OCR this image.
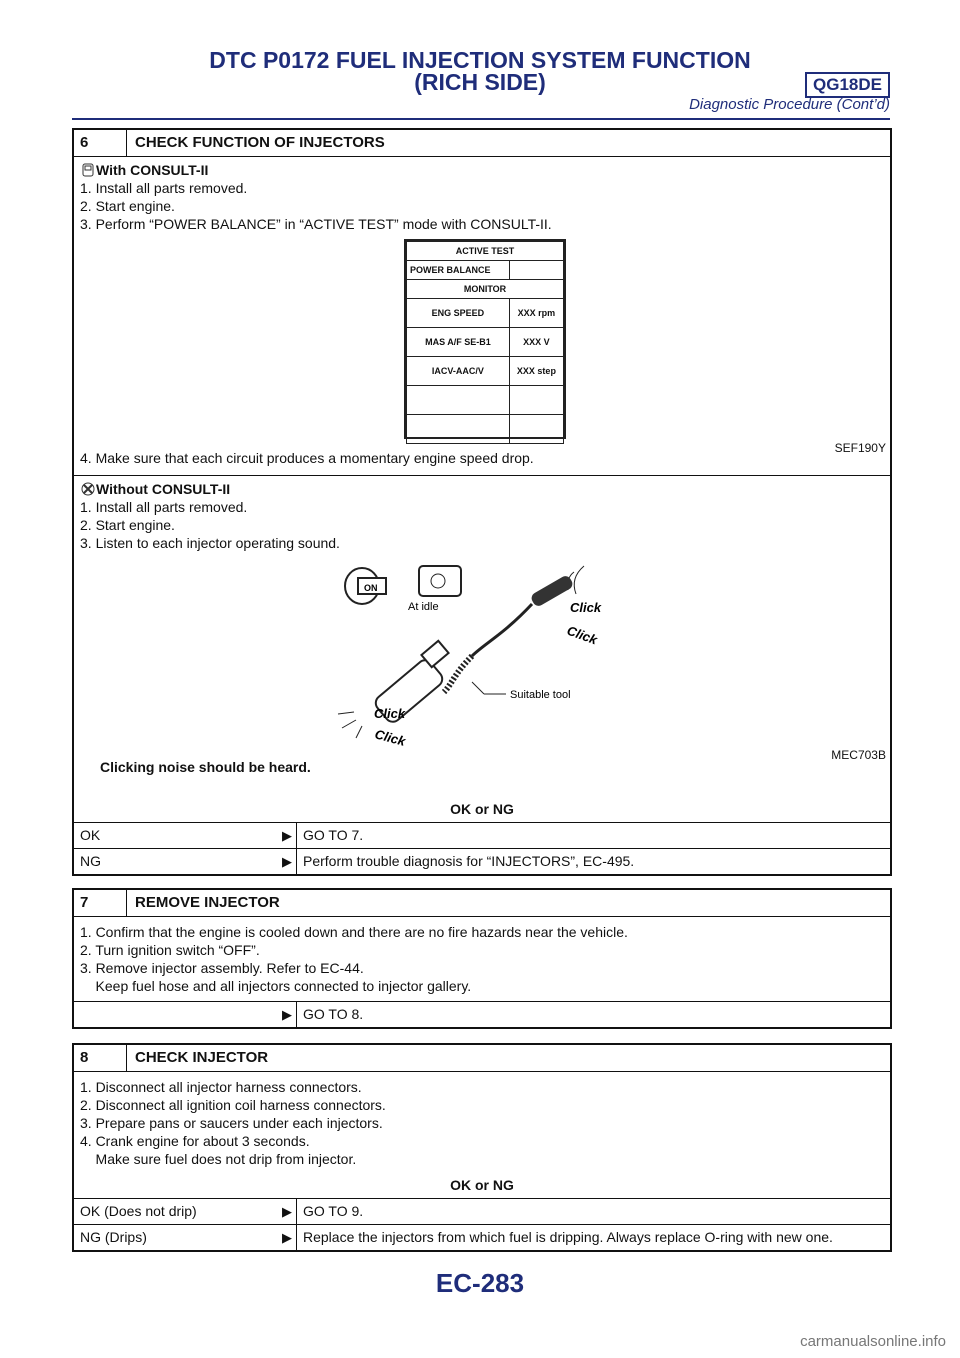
DTC P0172 FUEL INJECTION SYSTEM FUNCTION
(RICH SIDE)	QG18DE
Diagnostic Procedure (Cont’d)
6	CHECK FUNCTION OF INJECTORS
With CONSULT-II
1. Install all parts removed.
2. Start engine.
3. Perform “POWER BALANCE” in “ACTIVE TEST” mode with CONSULT-II.
ACTIVE TEST	
POWER BALANCE	
MONITOR	
ENG SPEED	XXX rpm
MAS A/F SE-B1	XXX V
IACV-AAC/V	XXX step

SEF190Y
4. Make sure that each circuit produces a momentary engine speed drop.
Without CONSULT-II
1. Install all parts removed.
2. Start engine.
3. Listen to each injector operating sound.
ON
At idle
Suitable tool
Click
Click
Click
Click
MEC703B
Clicking noise should be heard.
OK or NG
OK	▶ GO TO 7.
NG	▶ Perform trouble diagnosis for “INJECTORS”, EC-495.
7	REMOVE INJECTOR
1. Confirm that the engine is cooled down and there are no fire hazards near the vehicle.
2. Turn ignition switch “OFF”.
3. Remove injector assembly. Refer to EC-44.
Keep fuel hose and all injectors connected to injector gallery.
▶ GO TO 8.
8	CHECK INJECTOR
1. Disconnect all injector harness connectors.
2. Disconnect all ignition coil harness connectors.
3. Prepare pans or saucers under each injectors.
4. Crank engine for about 3 seconds.
Make sure fuel does not drip from injector.
OK or NG
OK (Does not drip)	▶ GO TO 9.
NG (Drips)	▶ Replace the injectors from which fuel is dripping. Always replace O-ring with new one.
EC-283
carmanualsonline.info
